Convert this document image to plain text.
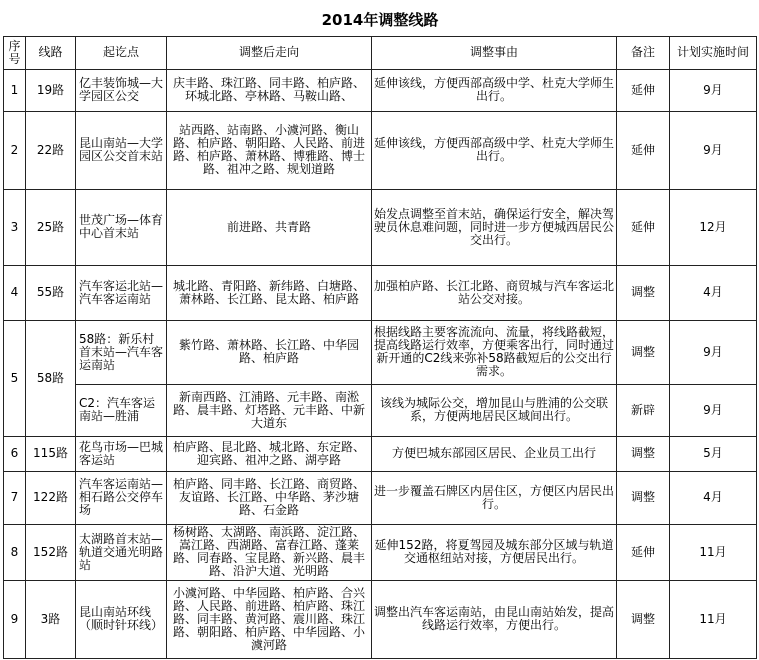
2014年调整线路						
序号	线路	起讫点	调整后走向	调整事由	备注	计划实施时间
1	19路	亿丰装饰城—大学园区公交	庆丰路、珠江路、同丰路、柏庐路、环城北路、亭林路、马鞍山路、	延伸该线，方便西部高级中学、杜克大学师生出行。	延伸	9月
2	22路	昆山南站—大学园区公交首末站	站西路、站南路、小澞河路、衡山路、柏庐路、朝阳路、人民路、前进路、柏庐路、萧林路、博雅路、博士路、祖冲之路、规划道路	延伸该线，方便西部高级中学、杜克大学师生出行。	延伸	9月
3	25路	世茂广场—体育中心首末站	前进路、共青路	始发点调整至首末站，确保运行安全，解决驾驶员休息难问题，同时进一步方便城西居民公交出行。	延伸	12月
4	55路	汽车客运北站—汽车客运南站	城北路、青阳路、新纬路、白塘路、萧林路、长江路、昆太路、柏庐路	加强柏庐路、长江北路、商贸城与汽车客运北站公交对接。	调整	4月
5	58路	58路：新乐村首末站—汽车客运南站	紫竹路、萧林路、长江路、中华园路、柏庐路	根据线路主要客流流向、流量，将线路截短，提高线路运行效率，方便乘客出行，同时通过新开通的C2线来弥补58路截短后的公交出行需求。	调整	9月
		C2：汽车客运南站—胜浦	新南西路、江浦路、元丰路、南淞路、晨丰路、灯塔路、元丰路、中新大道东	该线为城际公交，增加昆山与胜浦的公交联系，方便两地居民区域间出行。	新辟	9月
6	115路	花鸟市场—巴城客运站	柏庐路、昆北路、城北路、东定路、迎宾路、祖冲之路、湖亭路	方便巴城东部园区居民、企业员工出行	调整	5月
7	122路	汽车客运南站—相石路公交停车场	柏庐路、同丰路、长江路、商贸路、友谊路、长江路、中华路、茅沙塘路、石金路	进一步覆盖石牌区内居住区，方便区内居民出行。	调整	4月
8	152路	太湖路首末站—轨道交通光明路站	杨树路、太湖路、南浜路、淀江路、嵩江路、西湖路、富春江路、蓬莱路、同春路、宝昆路、新兴路、晨丰路、沿沪大道、光明路	延伸152路，将夏驾园及城东部分区域与轨道交通枢纽站对接，方便居民出行。	延伸	11月
9	3路	昆山南站环线（顺时针环线）	小澞河路、中华园路、柏庐路、合兴路、人民路、前进路、柏庐路、珠江路、同丰路、黄河路、震川路、珠江路、朝阳路、柏庐路、中华园路、小澞河路	调整出汽车客运南站，由昆山南站始发，提高线路运行效率，方便出行。	调整	11月
